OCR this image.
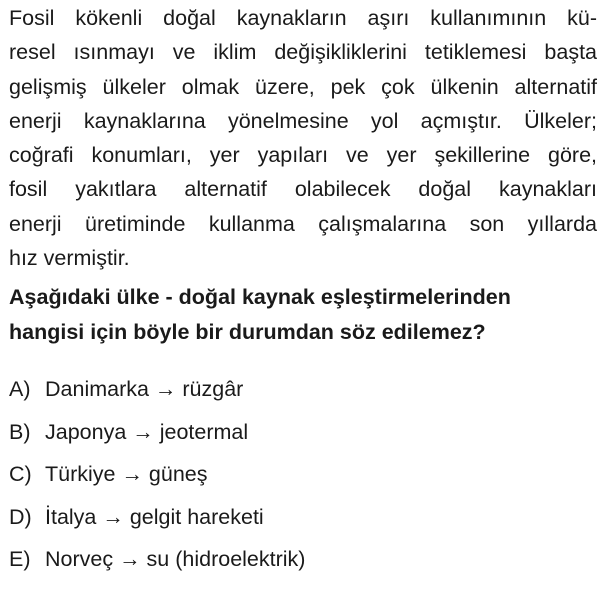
Fosil kökenli doğal kaynakların aşırı kullanımının kü-
resel ısınmayı ve iklim değişikliklerini tetiklemesi başta
gelişmiş ülkeler olmak üzere, pek çok ülkenin alternatif
enerji kaynaklarına yönelmesine yol açmıştır. Ülkeler;
coğrafi konumları, yer yapıları ve yer şekillerine göre,
fosil yakıtlara alternatif olabilecek doğal kaynakları
enerji üretiminde kullanma çalışmalarına son yıllarda
hız vermiştir.

Aşağıdaki ülke - doğal kaynak eşleştirmelerinden
hangisi için böyle bir durumdan söz edilemez?

A) Danimarka → rüzgâr
B) Japonya → jeotermal
C) Türkiye → güneş
D) İtalya → gelgit hareketi
E) Norveç → su (hidroelektrik)
